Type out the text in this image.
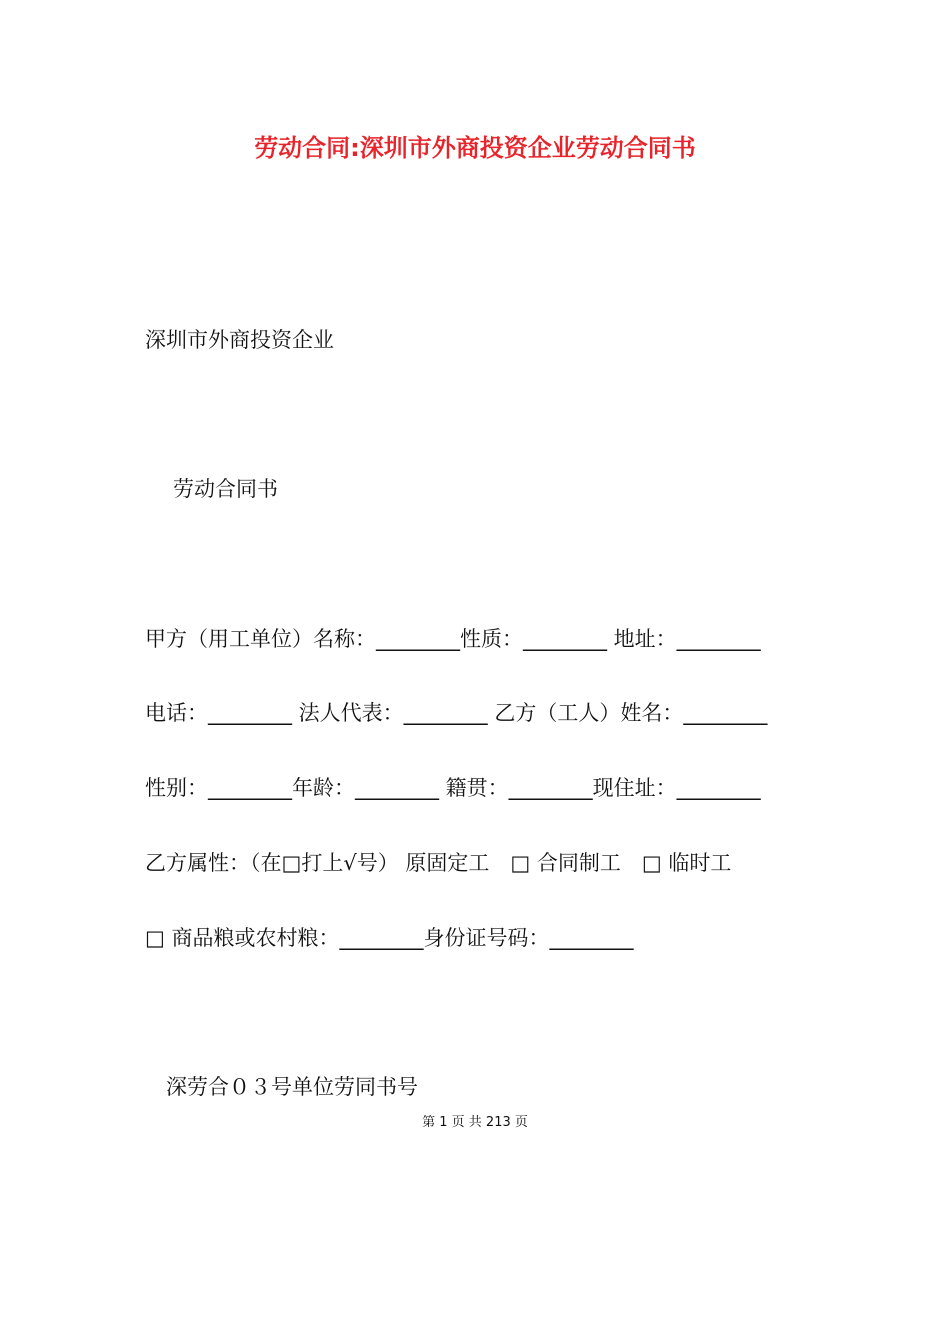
劳动合同:深圳市外商投资企业劳动合同书
深圳市外商投资企业
劳动合同书
甲方（用工单位）名称：________性质：________ 地址：________
电话：________ 法人代表：________ 乙方（工人）姓名：________
性别：________年龄：________ 籍贯：________现住址：________
乙方属性：（在□打上√号） 原固定工　□ 合同制工　□ 临时工
□ 商品粮或农村粮：________身份证号码：________
深劳合０３号单位劳同书号
第 1 页 共 213 页
